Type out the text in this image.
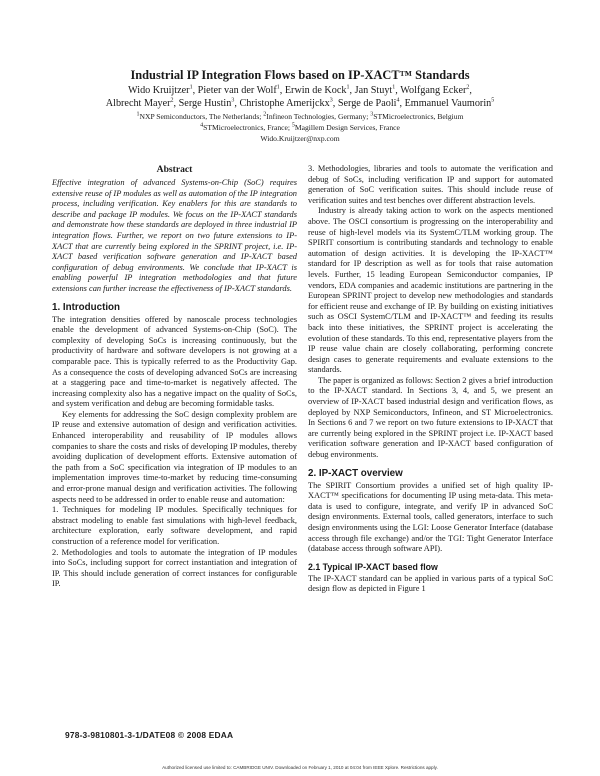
Industrial IP Integration Flows based on IP-XACT™ Standards
Wido Kruijtzer$^1$, Pieter van der Wolf$^1$, Erwin de Kock$^1$, Jan Stuyt$^1$, Wolfgang Ecker$^2$,
Albrecht Mayer$^2$, Serge Hustin$^3$, Christophe Amerijckx$^3$, Serge de Paoli$^4$, Emmanuel Vaumorin$^5$
$^1$NXP Semiconductors, The Netherlands; $^2$Infineon Technologies, Germany; $^3$STMicroelectronics, Belgium
$^4$STMicroelectronics, France; $^5$Magillem Design Services, France
Wido.Kruijtzer@nxp.com

Abstract

Effective integration of advanced Systems-on-Chip (SoC) requires extensive reuse of IP modules as well as automation of the IP integration process, including verification. Key enablers for this are standards to describe and package IP modules. We focus on the IP-XACT standards and demonstrate how these standards are deployed in three industrial IP integration flows. Further, we report on two future extensions to IP-XACT that are currently being explored in the SPRINT project, i.e. IP-XACT based verification software generation and IP-XACT based configuration of debug environments. We conclude that IP-XACT is enabling powerful IP integration methodologies and that future extensions can further increase the effectiveness of IP-XACT standards.

1. Introduction

The integration densities offered by nanoscale process technologies enable the development of advanced Systems-on-Chip (SoC). The complexity of developing SoCs is increasing continuously, but the productivity of hardware and software developers is not growing at a comparable pace. This is typically referred to as the Productivity Gap. As a consequence the costs of developing advanced SoCs are increasing at a staggering pace and time-to-market is negatively affected. The increasing complexity also has a negative impact on the quality of SoCs, and system verification and debug are becoming formidable tasks.

Key elements for addressing the SoC design complexity problem are IP reuse and extensive automation of design and verification activities. Enhanced interoperability and reusability of IP modules allows companies to share the costs and risks of developing IP modules, thereby avoiding duplication of development efforts. Extensive automation of the path from a SoC specification via integration of IP modules to an implementation improves time-to-market by reducing time-consuming and error-prone manual design and verification activities. The following aspects need to be addressed in order to enable reuse and automation:

1. Techniques for modeling IP modules. Specifically techniques for abstract modeling to enable fast simulations with high-level feedback, architecture exploration, early software development, and rapid construction of a reference model for verification.

2. Methodologies and tools to automate the integration of IP modules into SoCs, including support for correct instantiation and integration of IP. This should include generation of correct instances for configurable IP.

3. Methodologies, libraries and tools to automate the verification and debug of SoCs, including verification IP and support for automated generation of SoC verification suites. This should include reuse of verification suites and test benches over different abstraction levels.

Industry is already taking action to work on the aspects mentioned above. The OSCI consortium is progressing on the interoperability and reuse of high-level models via its SystemC/TLM working group. The SPIRIT consortium is contributing standards and technology to enable automation of design activities. It is developing the IP-XACT™ standard for IP description as well as for tools that raise automation levels. Further, 15 leading European Semiconductor companies, IP vendors, EDA companies and academic institutions are partnering in the European SPRINT project to develop new methodologies and standards for efficient reuse and exchange of IP. By building on existing initiatives such as OSCI SystemC/TLM and IP-XACT™ and feeding its results back into these initiatives, the SPRINT project is accelerating the evolution of these standards. To this end, representative players from the IP reuse value chain are closely collaborating, performing concrete design cases to generate requirements and evaluate extensions to the standards.

The paper is organized as follows: Section 2 gives a brief introduction to the IP-XACT standard. In Sections 3, 4, and 5, we present an overview of IP-XACT based industrial design and verification flows, as deployed by NXP Semiconductors, Infineon, and ST Microelectronics. In Sections 6 and 7 we report on two future extensions to IP-XACT that are currently being explored in the SPRINT project i.e. IP-XACT based verification software generation and IP-XACT based configuration of debug environments.

2. IP-XACT overview

The SPIRIT Consortium provides a unified set of high quality IP-XACT™ specifications for documenting IP using meta-data. This meta-data is used to configure, integrate, and verify IP in advanced SoC design environments. External tools, called generators, interface to such design environments using the LGI: Loose Generator Interface (database access through file exchange) and/or the TGI: Tight Generator Interface (database access through software API).

2.1 Typical IP-XACT based flow

The IP-XACT standard can be applied in various parts of a typical SoC design flow as depicted in Figure 1

978-3-9810801-3-1/DATE08 © 2008 EDAA
Authorized licensed use limited to: CAMBRIDGE UNIV. Downloaded on February 1, 2010 at 04:04 from IEEE Xplore. Restrictions apply.
